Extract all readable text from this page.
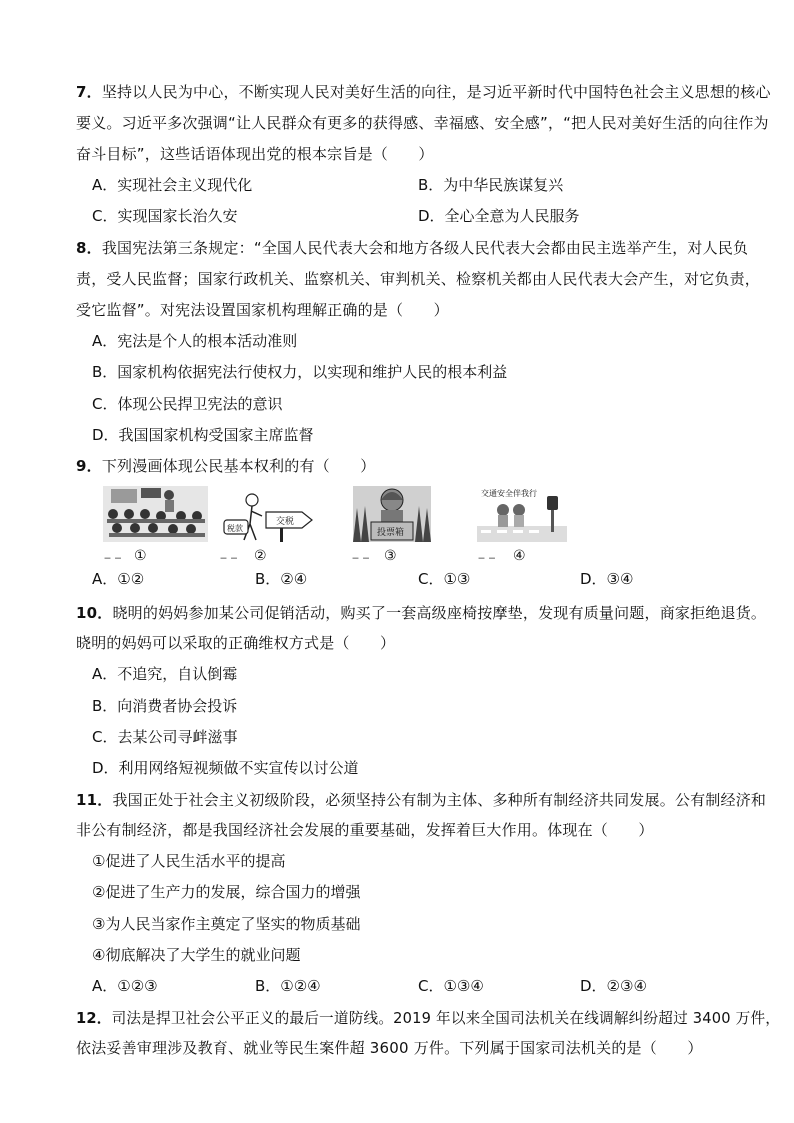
7．坚持以人民为中心，不断实现人民对美好生活的向往，是习近平新时代中国特色社会主义思想的核心
要义。习近平多次强调“让人民群众有更多的获得感、幸福感、安全感”，“把人民对美好生活的向往作为
奋斗目标”，这些话语体现出党的根本宗旨是（　　）
A．实现社会主义现代化	B．为中华民族谋复兴
C．实现国家长治久安	D．全心全意为人民服务
8．我国宪法第三条规定：“全国人民代表大会和地方各级人民代表大会都由民主选举产生，对人民负
责，受人民监督；国家行政机关、监察机关、审判机关、检察机关都由人民代表大会产生，对它负责，
受它监督”。对宪法设置国家机构理解正确的是（　　）
A．宪法是个人的根本活动准则
B．国家机构依据宪法行使权力，以实现和维护人民的根本利益
C．体现公民捍卫宪法的意识
D．我国国家机构受国家主席监督
9．下列漫画体现公民基本权利的有（　　）
①
‒ ‒
交税
税款
②
‒ ‒
投票箱
③
‒ ‒
交通安全伴我行
④
‒ ‒
A．①②	B．②④	C．①③	D．③④
10．晓明的妈妈参加某公司促销活动，购买了一套高级座椅按摩垫，发现有质量问题，商家拒绝退货。
晓明的妈妈可以采取的正确维权方式是（　　）
A．不追究，自认倒霉
B．向消费者协会投诉
C．去某公司寻衅滋事
D．利用网络短视频做不实宣传以讨公道
11．我国正处于社会主义初级阶段，必须坚持公有制为主体、多种所有制经济共同发展。公有制经济和
非公有制经济，都是我国经济社会发展的重要基础，发挥着巨大作用。体现在（　　）
①促进了人民生活水平的提高
②促进了生产力的发展，综合国力的增强
③为人民当家作主奠定了坚实的物质基础
④彻底解决了大学生的就业问题
A．①②③	B．①②④	C．①③④	D．②③④
12．司法是捍卫社会公平正义的最后一道防线。2019 年以来全国司法机关在线调解纠纷超过 3400 万件，
依法妥善审理涉及教育、就业等民生案件超 3600 万件。下列属于国家司法机关的是（　　）
